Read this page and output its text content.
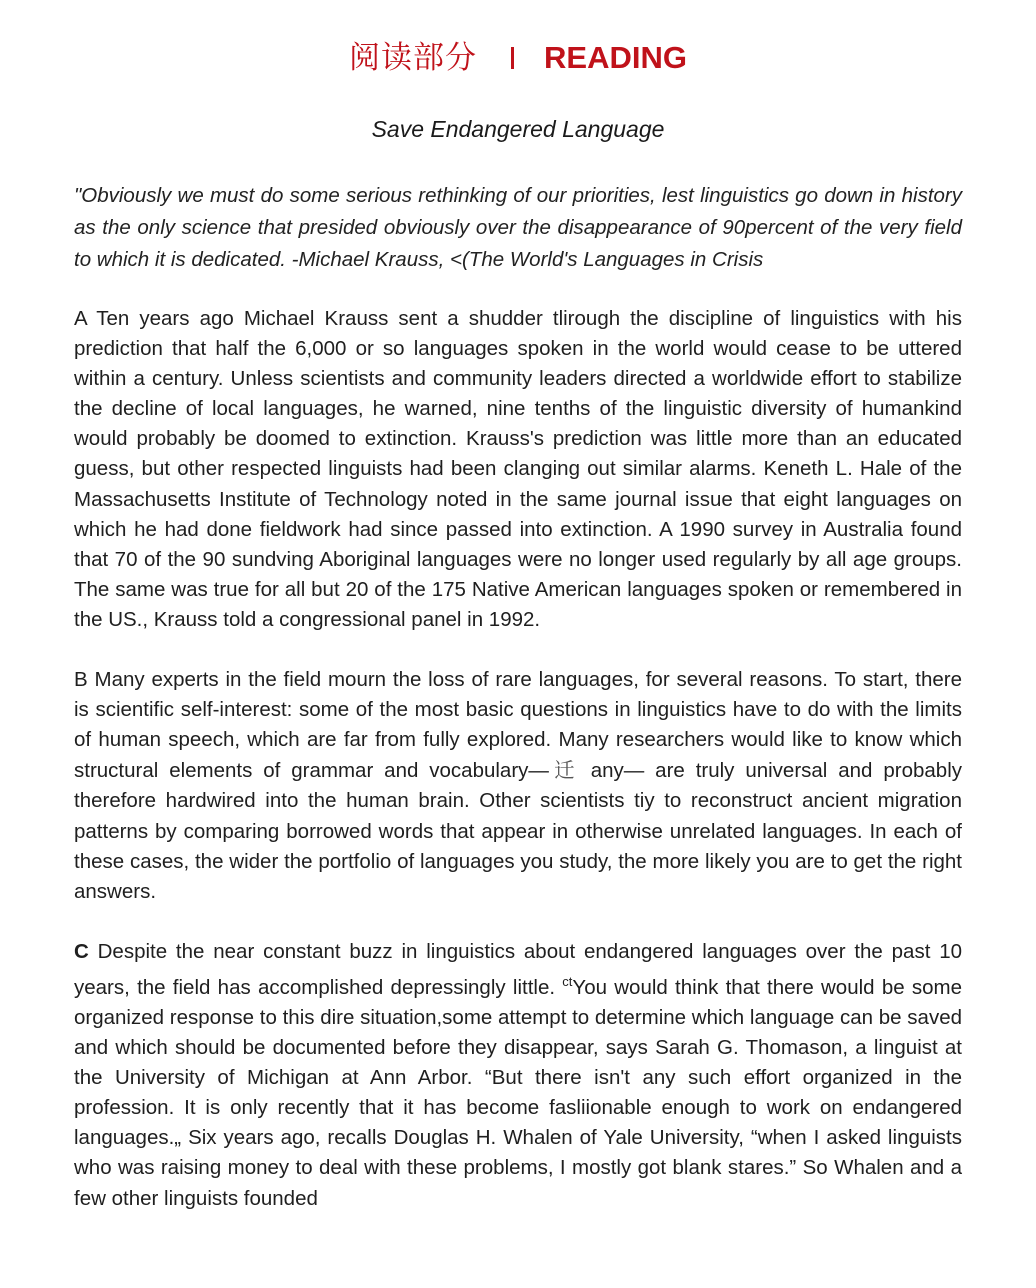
阅读部分 READING
Save Endangered Language

"Obviously we must do some serious rethinking of our priorities, lest linguistics go down in history as the only science that presided obviously over the disappearance of 90percent of the very field to which it is dedicated. -Michael Krauss, <(The World's Languages in Crisis

A Ten years ago Michael Krauss sent a shudder tlirough the discipline of linguistics with his prediction that half the 6,000 or so languages spoken in the world would cease to be uttered within a century. Unless scientists and community leaders directed a worldwide effort to stabilize the decline of local languages, he warned, nine tenths of the linguistic diversity of humankind would probably be doomed to extinction. Krauss's prediction was little more than an educated guess, but other respected linguists had been clanging out similar alarms. Keneth L. Hale of the Massachusetts Institute of Technology noted in the same journal issue that eight languages on which he had done fieldwork had since passed into extinction. A 1990 survey in Australia found that 70 of the 90 sundving Aboriginal languages were no longer used regularly by all age groups. The same was true for all but 20 of the 175 Native American languages spoken or remembered in the US., Krauss told a congressional panel in 1992.

B Many experts in the field mourn the loss of rare languages, for several reasons. To start, there is scientific self-interest: some of the most basic questions in linguistics have to do with the limits of human speech, which are far from fully explored. Many researchers would like to know which structural elements of grammar and vocabulary—迁 any— are truly universal and probably therefore hardwired into the human brain. Other scientists tiy to reconstruct ancient migration patterns by comparing borrowed words that appear in otherwise unrelated languages. In each of these cases, the wider the portfolio of languages you study, the more likely you are to get the right answers.

C Despite the near constant buzz in linguistics about endangered languages over the past 10 years, the field has accomplished depressingly little. $^{ct}$You would think that there would be some organized response to this dire situation,some attempt to determine which language can be saved and which should be documented before they disappear, says Sarah G. Thomason, a linguist at the University of Michigan at Ann Arbor. “But there isn't any such effort organized in the profession. It is only recently that it has become fasliionable enough to work on endangered languages.„ Six years ago, recalls Douglas H. Whalen of Yale University, “when I asked linguists who was raising money to deal with these problems, I mostly got blank stares.” So Whalen and a few other linguists founded
